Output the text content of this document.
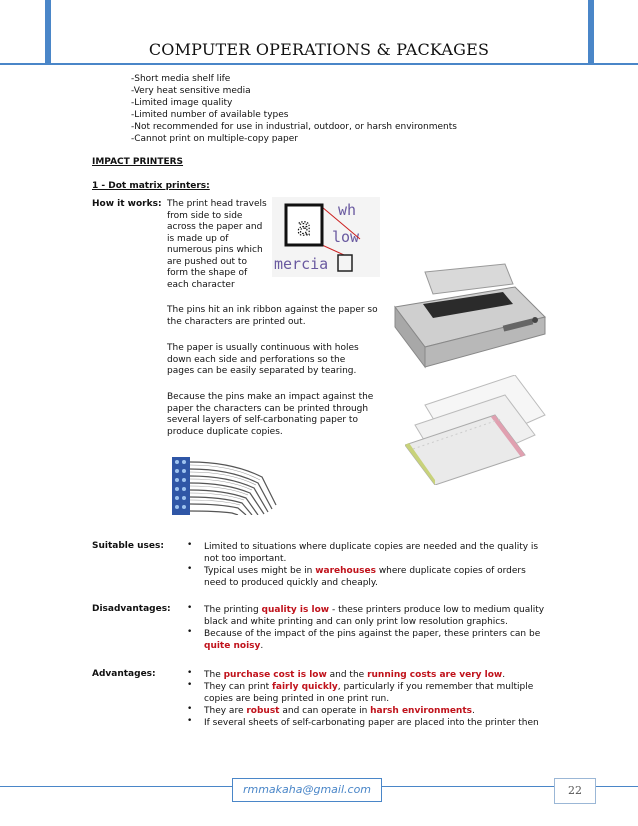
COMPUTER OPERATIONS & PACKAGES
-Short media shelf life
-Very heat sensitive media
-Limited image quality
-Limited number of available types
-Not recommended for use in industrial, outdoor, or harsh environments
-Cannot print on multiple-copy paper
IMPACT PRINTERS
1 - Dot matrix printers:
How it works: The print head travels
from side to side
across the paper and
is made up of
numerous pins which
are pushed out to
form the shape of
each character
wh
low
mercia
a
The pins hit an ink ribbon against the paper so
the characters are printed out.
The paper is usually continuous with holes
down each side and perforations so the
pages can be easily separated by tearing.
Because the pins make an impact against the
paper the characters can be printed through
several layers of self-carbonating paper to
produce duplicate copies.
Suitable uses:	• Limited to situations where duplicate copies are needed and the quality is
not too important.
• Typical uses might be in warehouses where duplicate copies of orders
need to produced quickly and cheaply.
Disadvantages: • The printing quality is low - these printers produce low to medium quality
black and white printing and can only print low resolution graphics.
• Because of the impact of the pins against the paper, these printers can be
quite noisy.
Advantages:	• The purchase cost is low and the running costs are very low.
• They can print fairly quickly, particularly if you remember that multiple
copies are being printed in one print run.
• They are robust and can operate in harsh environments.
• If several sheets of self-carbonating paper are placed into the printer then
rmmakaha@gmail.com	22
